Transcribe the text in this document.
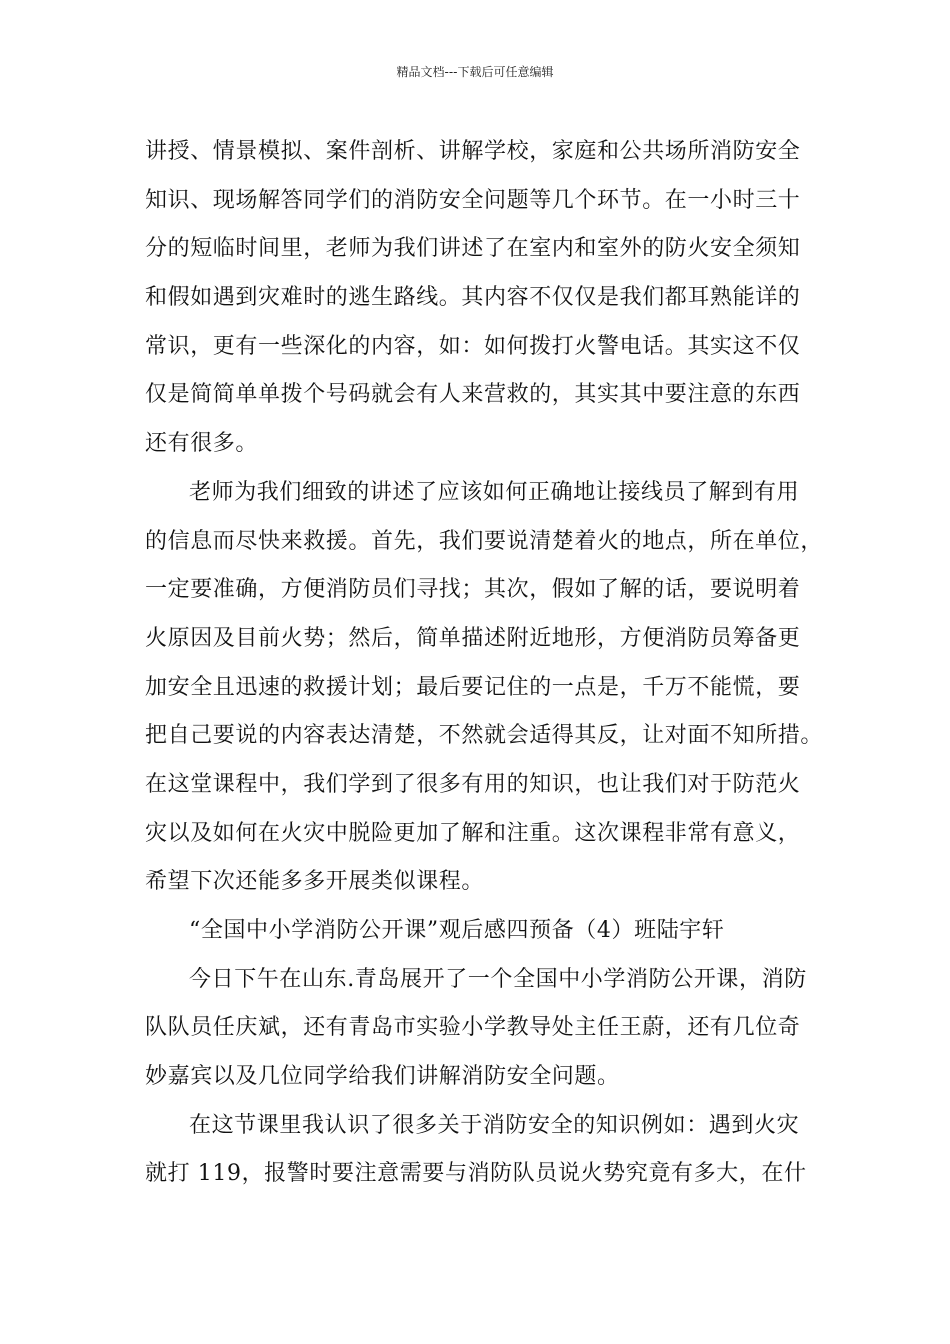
精品文档---下载后可任意编辑
讲授、情景模拟、案件剖析、讲解学校，家庭和公共场所消防安全
知识、现场解答同学们的消防安全问题等几个环节。在一小时三十
分的短临时间里，老师为我们讲述了在室内和室外的防火安全须知
和假如遇到灾难时的逃生路线。其内容不仅仅是我们都耳熟能详的
常识，更有一些深化的内容，如：如何拨打火警电话。其实这不仅
仅是简简单单拨个号码就会有人来营救的，其实其中要注意的东西
还有很多。
老师为我们细致的讲述了应该如何正确地让接线员了解到有用
的信息而尽快来救援。首先，我们要说清楚着火的地点，所在单位，
一定要准确，方便消防员们寻找；其次，假如了解的话，要说明着
火原因及目前火势；然后，简单描述附近地形，方便消防员筹备更
加安全且迅速的救援计划；最后要记住的一点是，千万不能慌，要
把自己要说的内容表达清楚，不然就会适得其反，让对面不知所措。
在这堂课程中，我们学到了很多有用的知识，也让我们对于防范火
灾以及如何在火灾中脱险更加了解和注重。这次课程非常有意义，
希望下次还能多多开展类似课程。
“全国中小学消防公开课”观后感四预备（4）班陆宇轩
今日下午在山东.青岛展开了一个全国中小学消防公开课，消防
队队员任庆斌，还有青岛市实验小学教导处主任王蔚，还有几位奇
妙嘉宾以及几位同学给我们讲解消防安全问题。
在这节课里我认识了很多关于消防安全的知识例如：遇到火灾
就打 119，报警时要注意需要与消防队员说火势究竟有多大，在什
